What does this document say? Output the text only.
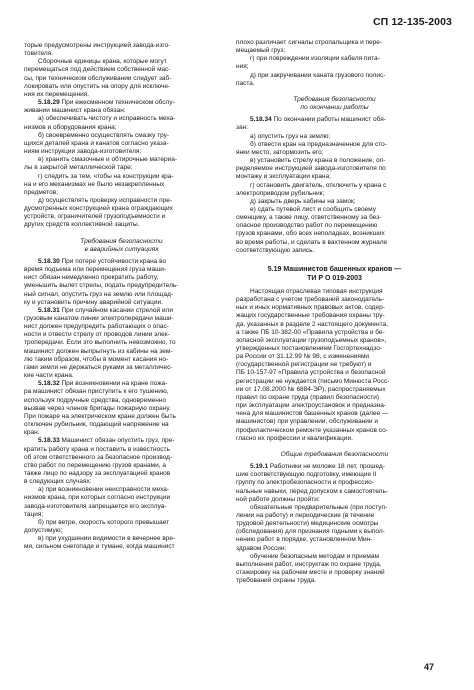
СП 12-135-2003

торые предусмотрены инструкцией завода-изго-

товителя.

Сборочные единицы крана, которые могут

перемещаться под действием собственной мас-

сы, при техническом обслуживании следует заб-

локировать или опустить на опору для исключе-

ния их перемещения.

5.18.29 При ежесменном техническом обслу-

живании машинист крана обязан:

а) обеспечивать чистоту и исправность меха-

низмов и оборудования крана;

б) своевременно осуществлять смазку тру-

щихся деталей крана и канатов согласно указа-

ниям инструкции завода-изготовителя;

в) хранить смазочные и обтирочные материа-

лы в закрытой металлической таре;

г) следить за тем, чтобы на конструкции кра-

на и его механизмах не было незакрепленных

предметов;

д) осуществлять проверку исправности пре-

дусмотренных конструкцией крана ограждающих

устройств, ограничителей грузоподъемности и

других средств коллективной защиты.

Требования безопасности

в аварийных ситуациях

5.18.30 При потере устойчивости крана во

время подъема или перемещения груза маши-

нист обязан немедленно прекратить работу,

уменьшить вылет стрелы, подать предупредитель-

ный сигнал, опустить груз на землю или площад-

ку и установить причину аварийной ситуации.

5.18.31 При случайном касании стрелой или

грузовым канатом линии электропередачи маши-

нист должен предупредить работающих о опас-

ности и отвести стрелу от проводов линии элек-

тропередачи. Если это выполнить невозможно, то

машинист должен выпрыгнуть из кабины на зем-

лю таким образом, чтобы в момент касания но-

гами земли не держаться руками за металличес-

кие части крана.

5.18.32 При возникновении на кране пожа-

ра машинист обязан приступить к его тушению,

используя подручные средства, одновременно

вызвав через членов бригады пожарную охрану.

При пожаре на электрическом кране должен быть

отключен рубильник, подающий напряжение на

кран.

5.18.33 Машинист обязан опустить груз, пре-

кратить работу крана и поставить в известность

об этом ответственного за безопасное производ-

ство работ по перемещению грузов кранами, а

также лицо по надзору за эксплуатацией кранов

в следующих случаях:

а) при возникновении неисправности меха-

низмов крана, при которых согласно инструкции

завода-изготовителя запрещается его эксплуа-

тация;

б) при ветре, скорость которого превышает

допустимую;

в) при ухудшении видимости в вечернее вре-

мя, сильном снегопаде и тумане, когда машинист

плохо различает сигналы стропальщика и пере-

мещаемый груз;

г) при повреждении изоляции кабеля пита-

ния;

д) при закручивании каната грузового полис-

паста.

Требования безопасности

по окончании работы

5.18.34 По окончании работы машинист обя-

зан:

а) опустить груз на землю;

б) отвести кран на предназначенное для сто-

янки место, затормозить его;

в) установить стрелу крана в положение, оп-

ределяемое инструкцией завода-изготовителя по

монтажу и эксплуатации крана;

г) остановить двигатель, отключить у крана с

электроприводом рубильник;

д) закрыть дверь кабины на замок;

е) сдать путевой лист и сообщить своему

сменщику, а также лицу, ответственному за без-

опасное производство работ по перемещению

грузов кранами, обо всех неполадках, возникших

во время работы, и сделать в вахтенном журнале

соответствующую запись.

5.19 Машинистов башенных кранов —

ТИ Р О 019-2003

Настоящая отраслевая типовая инструкция

разработана с учетом требований законодатель-

ных и иных нормативных правовых актов, содер-

жащих государственные требования охраны тру-

да, указанных в разделе 2 настоящего документа,

а также ПБ 10-382-00 «Правила устройства и бе-

зопасной эксплуатации грузоподъемных кранов»,

утвержденных постановлением Госгортехнадзо-

ра России от 31.12.99 № 98, с изменениями

(государственной регистрации не требуют) и

ПБ 10-157-97 «Правила устройства и безопасной

регистрации не нуждается (письмо Минюста Росс-

ии от 17.08.2000 № 6884-ЭР), распространяемых

правил по охране труда (правил безопасности)

при эксплуатации электроустановок и предназна-

чена для машинистов башенных кранов (далее —

машинистов) при управлении, обслуживании и

профилактическом ремонте указанных кранов со-

гласно их профессии и квалификации.

Общие требования безопасности

5.19.1 Работники не моложе 18 лет, прошед-

шие соответствующую подготовку, имеющие II

группу по электробезопасности и профессио-

нальные навыки, перед допуском к самостоятель-

ной работе должны пройти:

обязательные предварительные (при поступ-

лении на работу) и периодические (в течение

трудовой деятельности) медицинские осмотры

(обследования) для признания годными к выпол-

нению работ в порядке, установленном Мин-

здравом России;

обучение безопасным методам и приемам

выполнения работ, инструктаж по охране труда,

стажировку на рабочем месте и проверку знаний

требований охраны труда.

47
